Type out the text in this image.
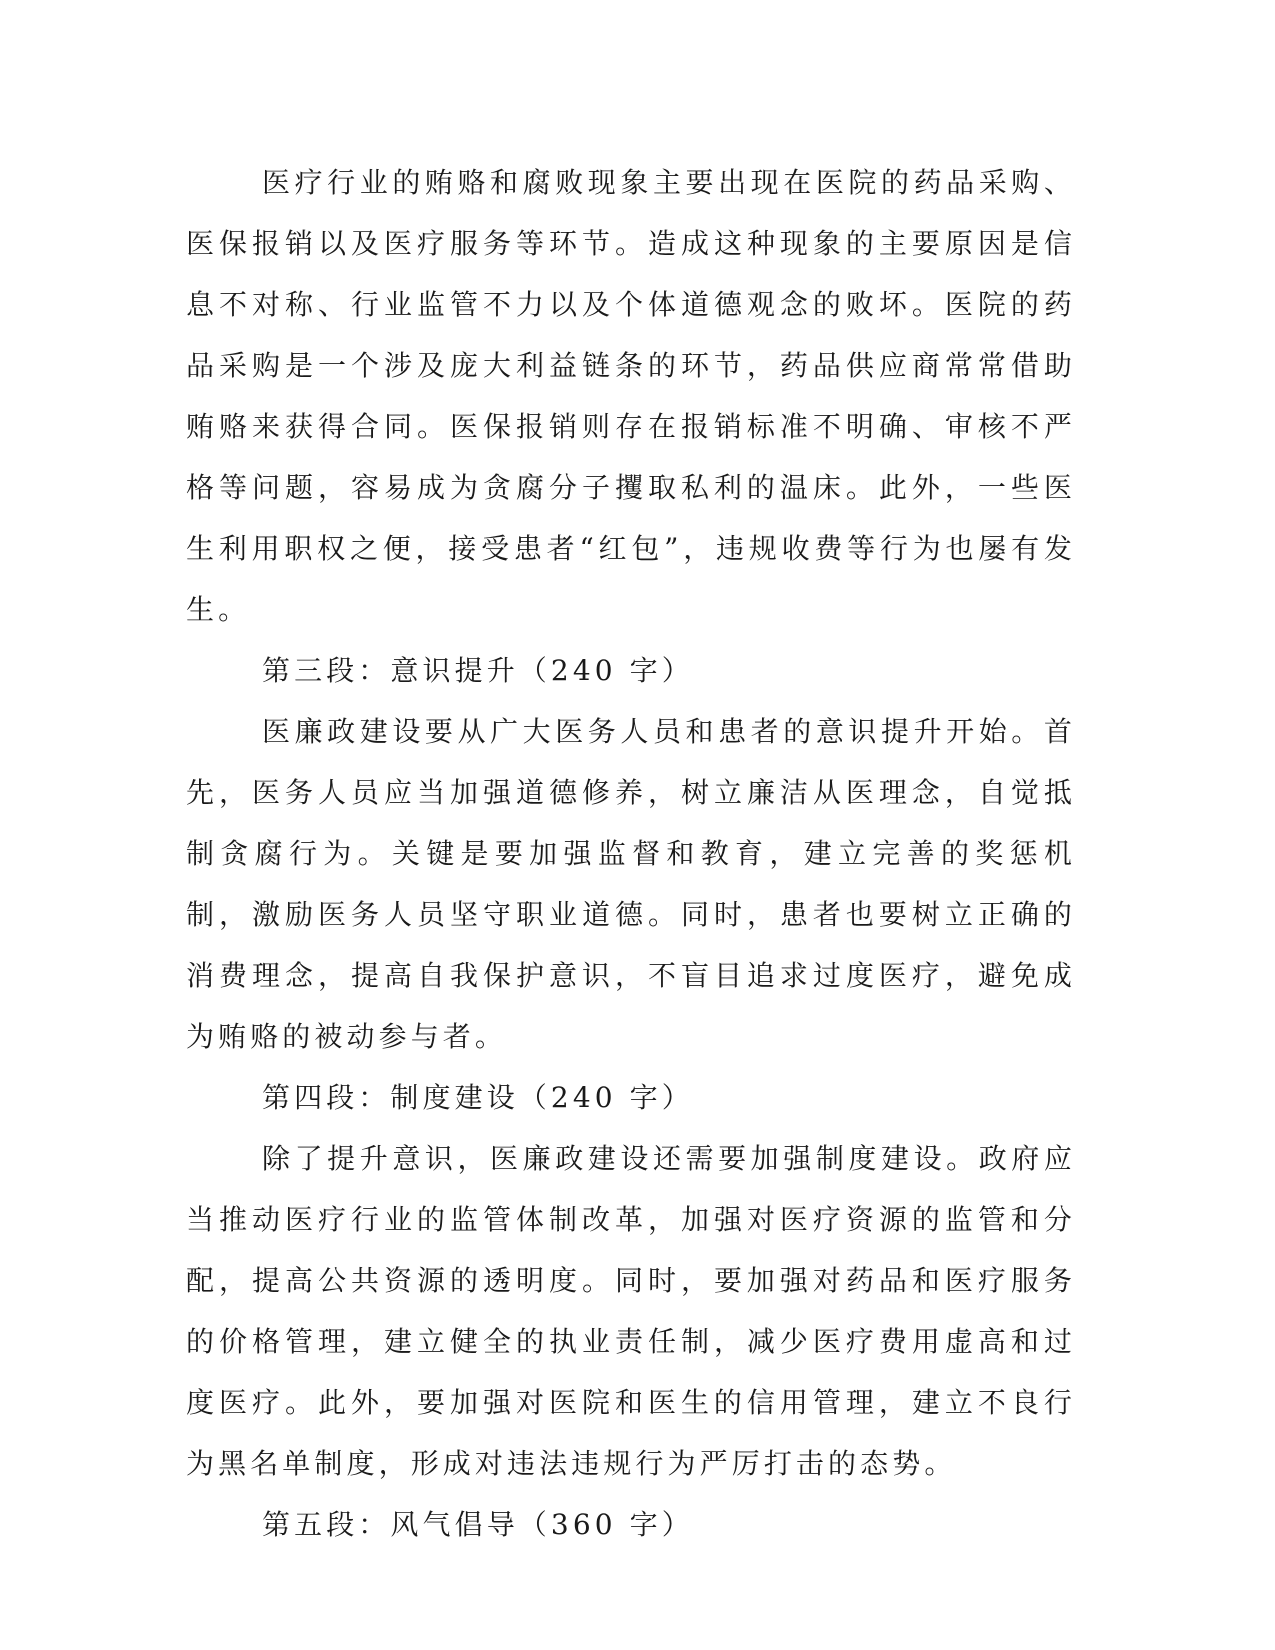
医疗行业的贿赂和腐败现象主要出现在医院的药品采购、医保报销以及医疗服务等环节。造成这种现象的主要原因是信息不对称、行业监管不力以及个体道德观念的败坏。医院的药品采购是一个涉及庞大利益链条的环节，药品供应商常常借助贿赂来获得合同。医保报销则存在报销标准不明确、审核不严格等问题，容易成为贪腐分子攫取私利的温床。此外，一些医生利用职权之便，接受患者“红包”，违规收费等行为也屡有发生。

第三段：意识提升（240 字）

医廉政建设要从广大医务人员和患者的意识提升开始。首先，医务人员应当加强道德修养，树立廉洁从医理念，自觉抵制贪腐行为。关键是要加强监督和教育，建立完善的奖惩机制，激励医务人员坚守职业道德。同时，患者也要树立正确的消费理念，提高自我保护意识，不盲目追求过度医疗，避免成为贿赂的被动参与者。

第四段：制度建设（240 字）

除了提升意识，医廉政建设还需要加强制度建设。政府应当推动医疗行业的监管体制改革，加强对医疗资源的监管和分配，提高公共资源的透明度。同时，要加强对药品和医疗服务的价格管理，建立健全的执业责任制，减少医疗费用虚高和过度医疗。此外，要加强对医院和医生的信用管理，建立不良行为黑名单制度，形成对违法违规行为严厉打击的态势。

第五段：风气倡导（360 字）
